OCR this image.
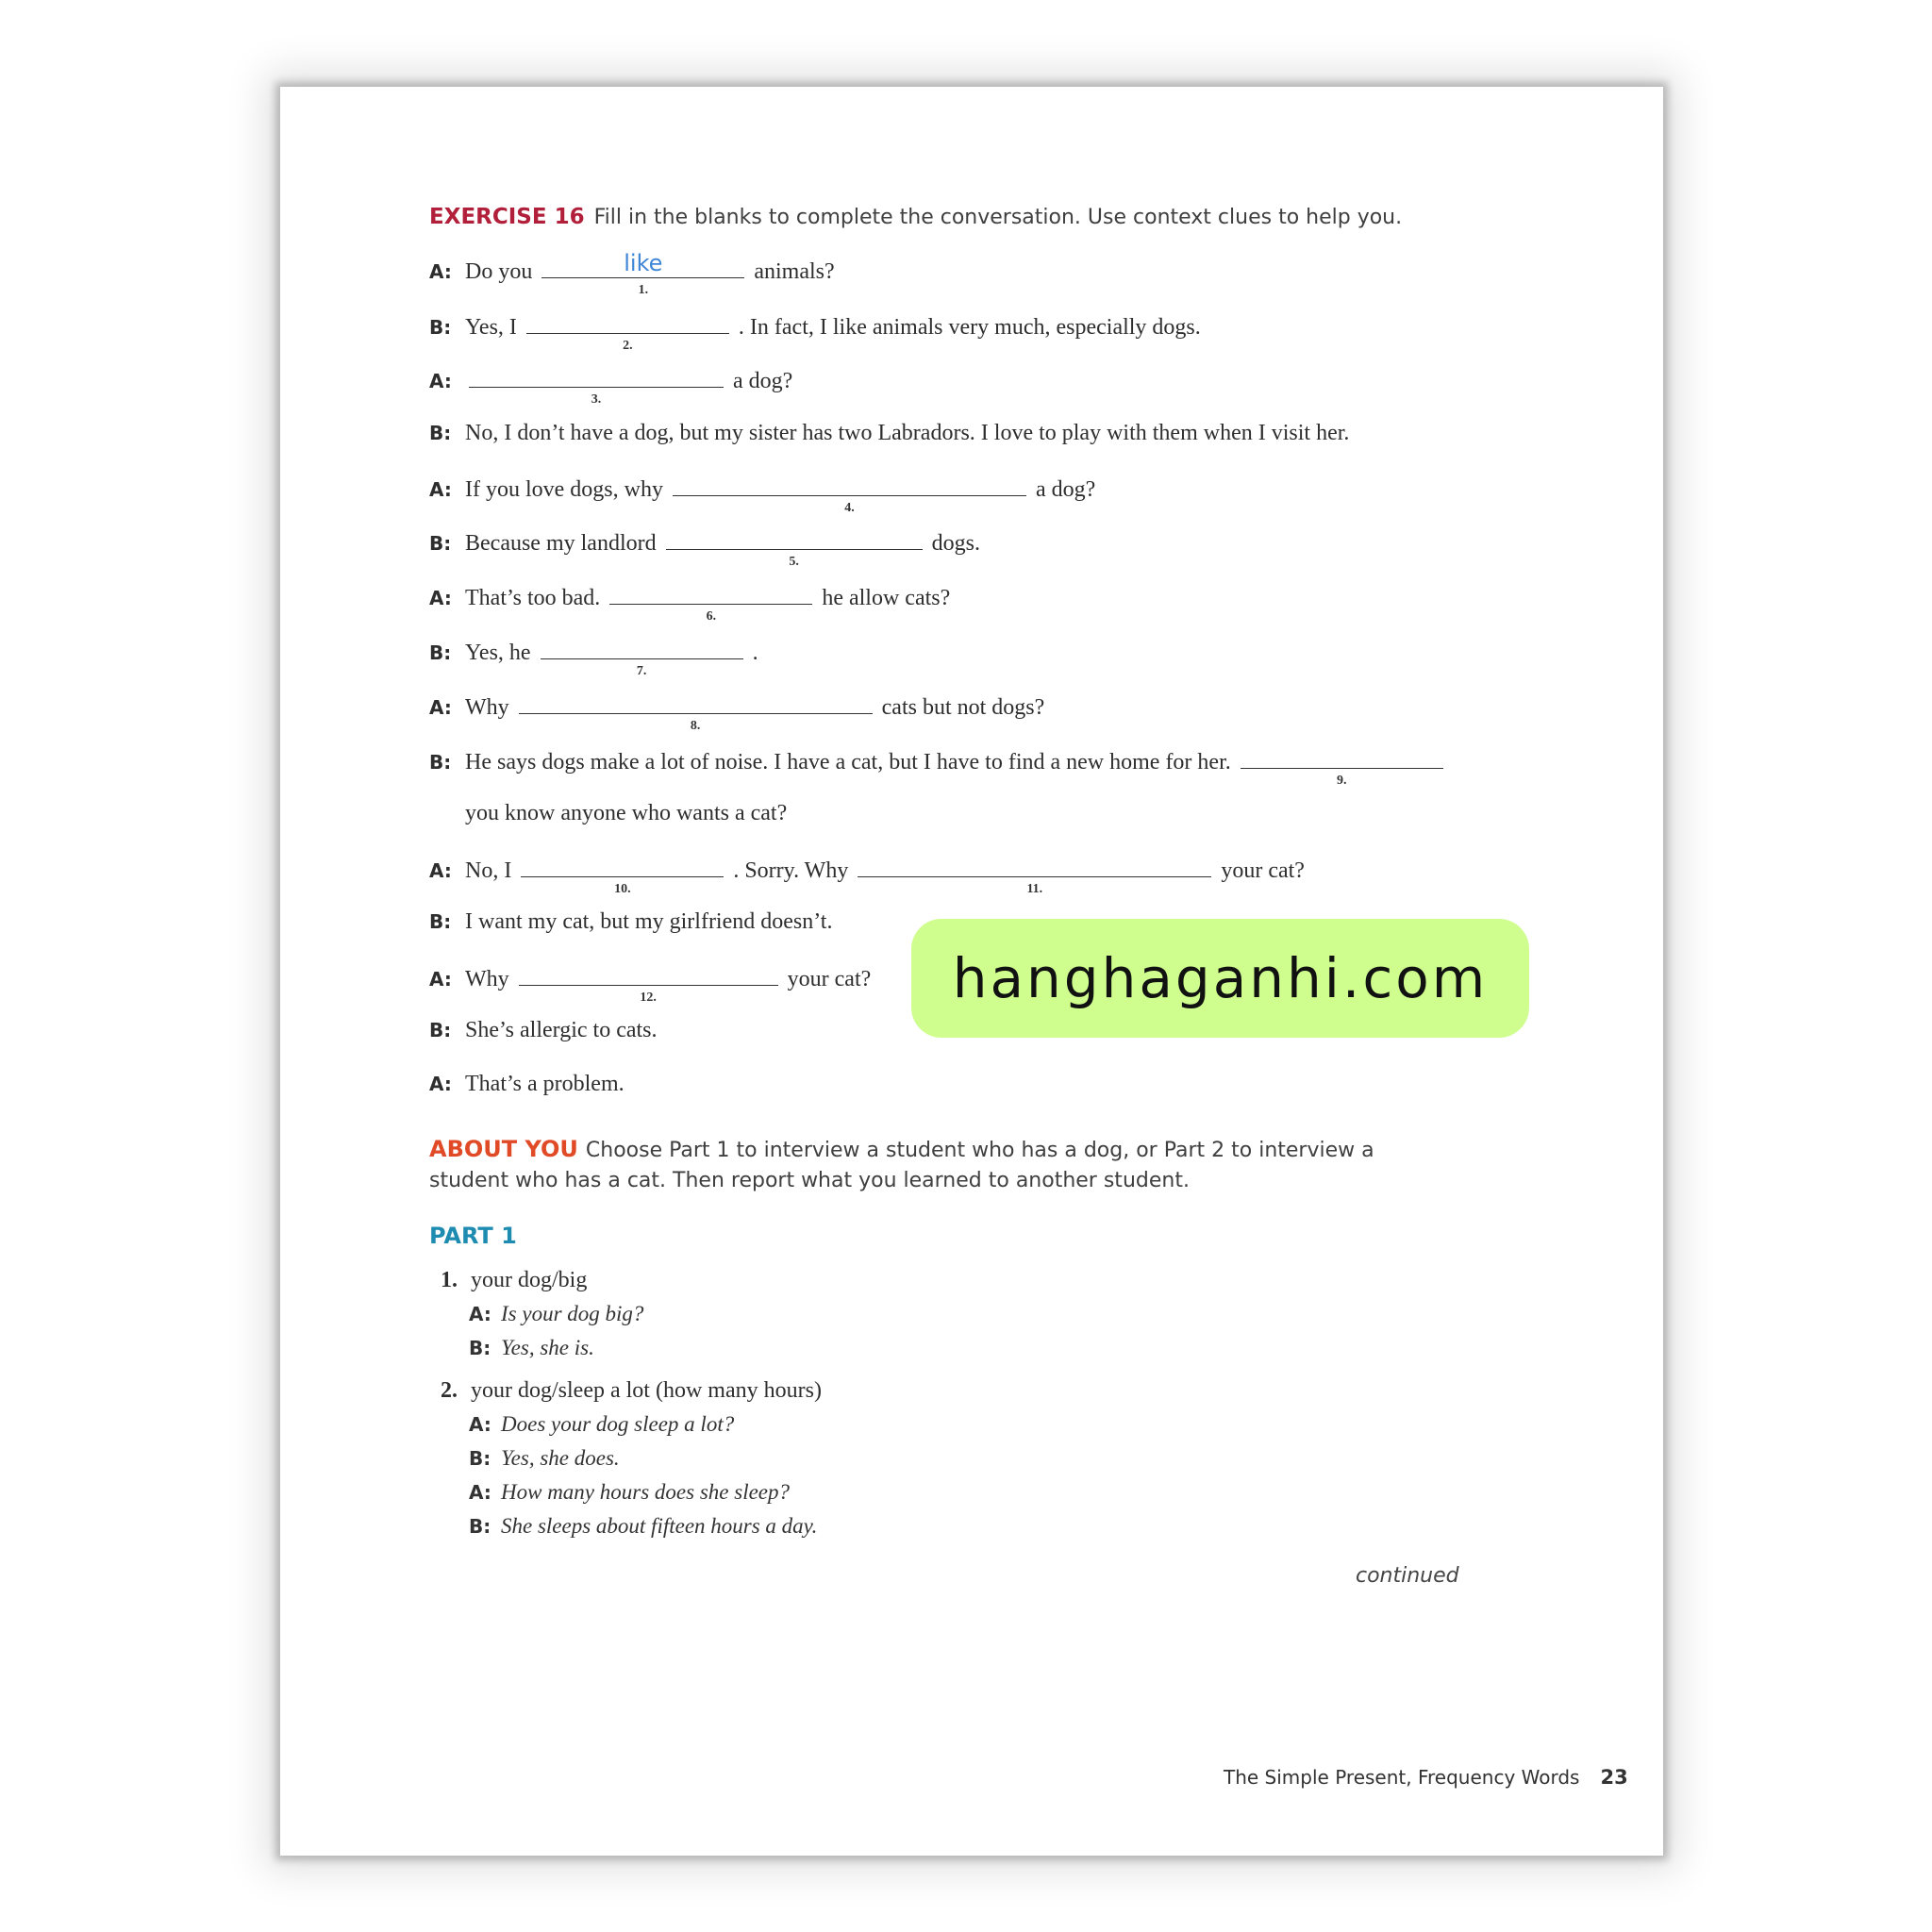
EXERCISE 16 Fill in the blanks to complete the conversation. Use context clues to help you.
A: Do you
1.
like	animals?
B: Yes, I
2.
. In fact, I like animals very much, especially dogs.
A:
3.
a dog?
B: No, I don’t have a dog, but my sister has two Labradors. I love to play with them when I visit her.
A: If you love dogs, why
4.
a dog?
B: Because my landlord
5.
dogs.
A: That’s too bad.
6.
he allow cats?
B: Yes, he
7.
.
A: Why
8.
cats but not dogs?
B: He says dogs make a lot of noise. I have a cat, but I have to find a new home for her.
9.
you know anyone who wants a cat?
A: No, I
10.
. Sorry. Why
11.
your cat?
B: I want my cat, but my girlfriend doesn’t.
A: Why
12.
your cat?
B: She’s allergic to cats.
A: That’s a problem.
ABOUT YOU Choose Part 1 to interview a student who has a dog, or Part 2 to interview a student who has a cat. Then report what you learned to another student.
PART 1
1. your dog/big
A: Is your dog big?
B: Yes, she is.
2. your dog/sleep a lot (how many hours)
A: Does your dog sleep a lot?
B: Yes, she does.
A: How many hours does she sleep?
B: She sleeps about fifteen hours a day.
continued
The Simple Present, Frequency Words 23
hanghaganhi.com
